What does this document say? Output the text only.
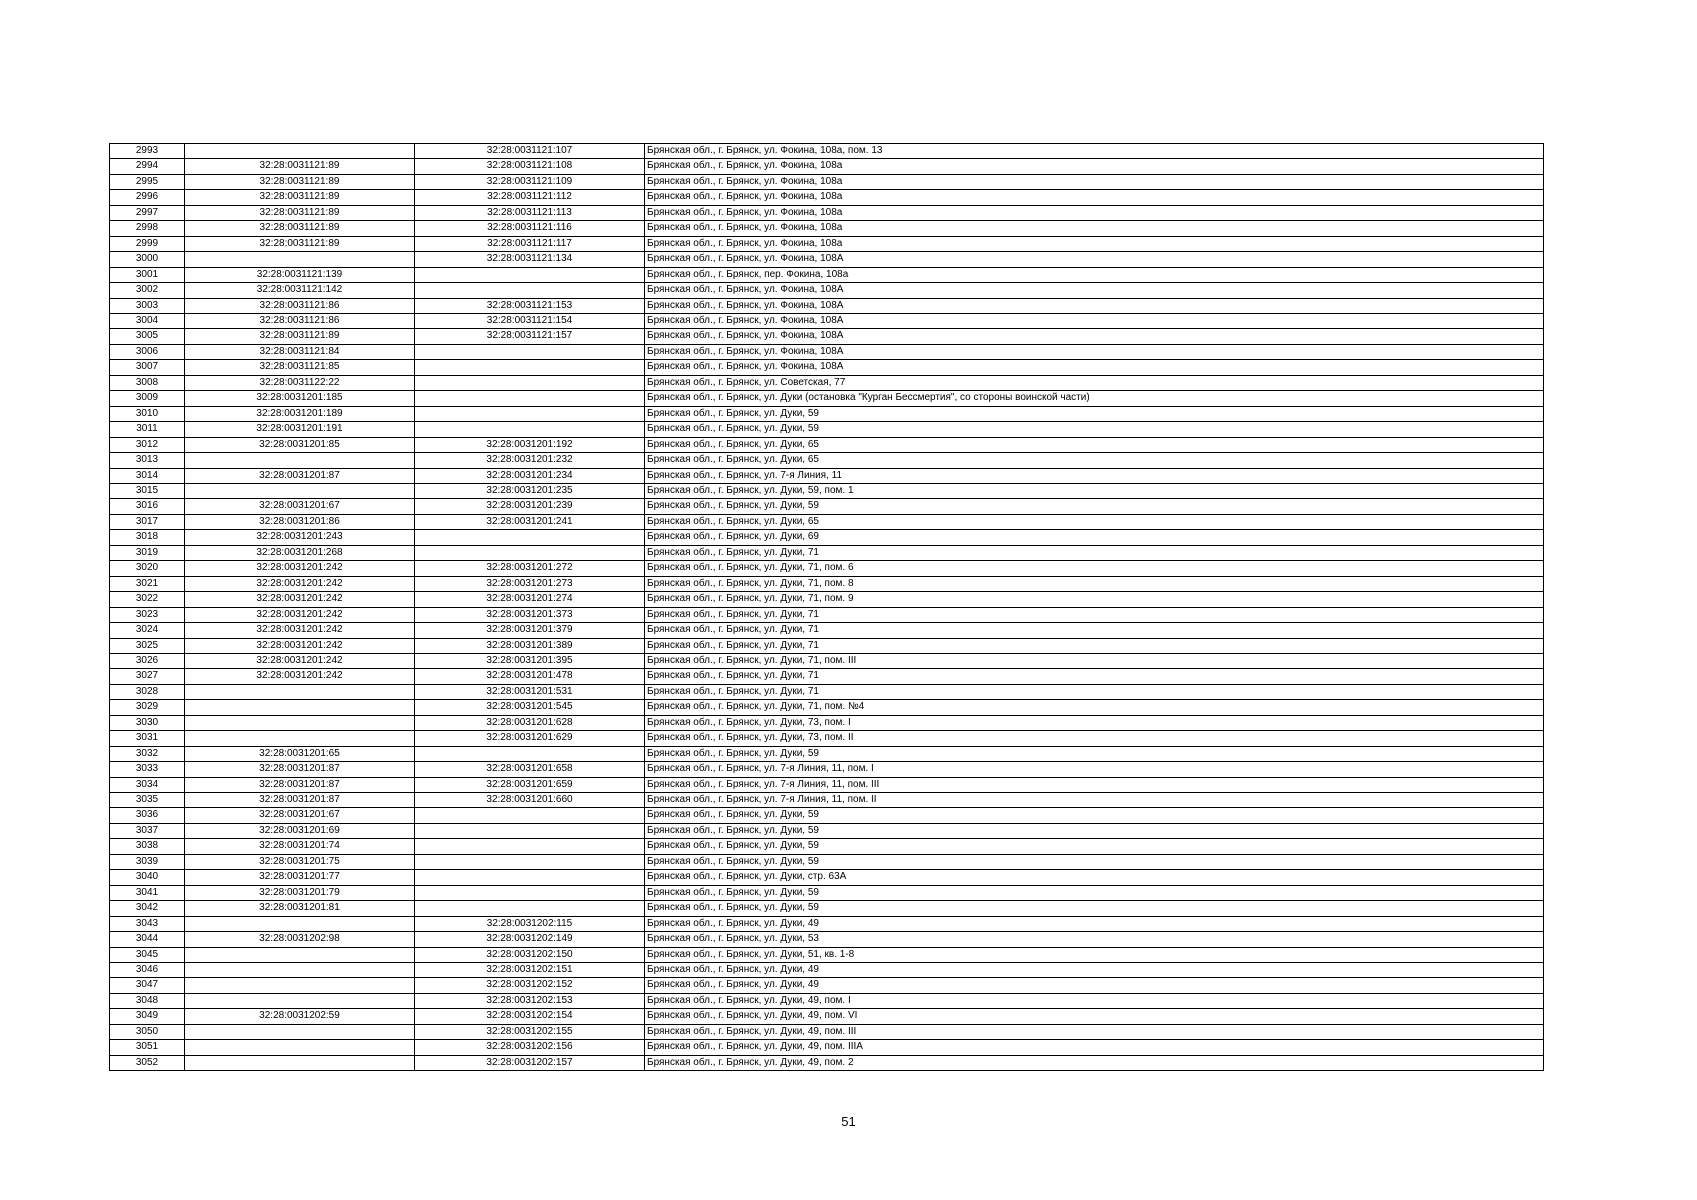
2993		32:28:0031121:107	Брянская обл., г. Брянск, ул. Фокина, 108а, пом. 13
2994	32:28:0031121:89	32:28:0031121:108	Брянская обл., г. Брянск, ул. Фокина, 108а
2995	32:28:0031121:89	32:28:0031121:109	Брянская обл., г. Брянск, ул. Фокина, 108а
2996	32:28:0031121:89	32:28:0031121:112	Брянская обл., г. Брянск, ул. Фокина, 108а
2997	32:28:0031121:89	32:28:0031121:113	Брянская обл., г. Брянск, ул. Фокина, 108а
2998	32:28:0031121:89	32:28:0031121:116	Брянская обл., г. Брянск, ул. Фокина, 108а
2999	32:28:0031121:89	32:28:0031121:117	Брянская обл., г. Брянск, ул. Фокина, 108а
3000		32:28:0031121:134	Брянская обл., г. Брянск, ул. Фокина, 108А
3001	32:28:0031121:139		Брянская обл., г. Брянск, пер. Фокина, 108а
3002	32:28:0031121:142		Брянская обл., г. Брянск, ул. Фокина, 108А
3003	32:28:0031121:86	32:28:0031121:153	Брянская обл., г. Брянск, ул. Фокина, 108А
3004	32:28:0031121:86	32:28:0031121:154	Брянская обл., г. Брянск, ул. Фокина, 108А
3005	32:28:0031121:89	32:28:0031121:157	Брянская обл., г. Брянск, ул. Фокина, 108А
3006	32:28:0031121:84		Брянская обл., г. Брянск, ул. Фокина, 108А
3007	32:28:0031121:85		Брянская обл., г. Брянск, ул. Фокина, 108А
3008	32:28:0031122:22		Брянская обл., г. Брянск, ул. Советская, 77
3009	32:28:0031201:185		Брянская обл., г. Брянск, ул. Дуки (остановка "Курган Бессмертия", со стороны воинской части)
3010	32:28:0031201:189		Брянская обл., г. Брянск, ул. Дуки, 59
3011	32:28:0031201:191		Брянская обл., г. Брянск, ул. Дуки, 59
3012	32:28:0031201:85	32:28:0031201:192	Брянская обл., г. Брянск, ул. Дуки, 65
3013		32:28:0031201:232	Брянская обл., г. Брянск, ул. Дуки, 65
3014	32:28:0031201:87	32:28:0031201:234	Брянская обл., г. Брянск, ул. 7-я Линия, 11
3015		32:28:0031201:235	Брянская обл., г. Брянск, ул. Дуки, 59, пом. 1
3016	32:28:0031201:67	32:28:0031201:239	Брянская обл., г. Брянск, ул. Дуки, 59
3017	32:28:0031201:86	32:28:0031201:241	Брянская обл., г. Брянск, ул. Дуки, 65
3018	32:28:0031201:243		Брянская обл., г. Брянск, ул. Дуки, 69
3019	32:28:0031201:268		Брянская обл., г. Брянск, ул. Дуки, 71
3020	32:28:0031201:242	32:28:0031201:272	Брянская обл., г. Брянск, ул. Дуки, 71, пом. 6
3021	32:28:0031201:242	32:28:0031201:273	Брянская обл., г. Брянск, ул. Дуки, 71, пом. 8
3022	32:28:0031201:242	32:28:0031201:274	Брянская обл., г. Брянск, ул. Дуки, 71, пом. 9
3023	32:28:0031201:242	32:28:0031201:373	Брянская обл., г. Брянск, ул. Дуки, 71
3024	32:28:0031201:242	32:28:0031201:379	Брянская обл., г. Брянск, ул. Дуки, 71
3025	32:28:0031201:242	32:28:0031201:389	Брянская обл., г. Брянск, ул. Дуки, 71
3026	32:28:0031201:242	32:28:0031201:395	Брянская обл., г. Брянск, ул. Дуки, 71, пом. III
3027	32:28:0031201:242	32:28:0031201:478	Брянская обл., г. Брянск, ул. Дуки, 71
3028		32:28:0031201:531	Брянская обл., г. Брянск, ул. Дуки, 71
3029		32:28:0031201:545	Брянская обл., г. Брянск, ул. Дуки, 71, пом. №4
3030		32:28:0031201:628	Брянская обл., г. Брянск, ул. Дуки, 73, пом. I
3031		32:28:0031201:629	Брянская обл., г. Брянск, ул. Дуки, 73, пом. II
3032	32:28:0031201:65		Брянская обл., г. Брянск, ул. Дуки, 59
3033	32:28:0031201:87	32:28:0031201:658	Брянская обл., г. Брянск, ул. 7-я Линия, 11, пом. I
3034	32:28:0031201:87	32:28:0031201:659	Брянская обл., г. Брянск, ул. 7-я Линия, 11, пом. III
3035	32:28:0031201:87	32:28:0031201:660	Брянская обл., г. Брянск, ул. 7-я Линия, 11, пом. II
3036	32:28:0031201:67		Брянская обл., г. Брянск, ул. Дуки, 59
3037	32:28:0031201:69		Брянская обл., г. Брянск, ул. Дуки, 59
3038	32:28:0031201:74		Брянская обл., г. Брянск, ул. Дуки, 59
3039	32:28:0031201:75		Брянская обл., г. Брянск, ул. Дуки, 59
3040	32:28:0031201:77		Брянская обл., г. Брянск, ул. Дуки, стр. 63А
3041	32:28:0031201:79		Брянская обл., г. Брянск, ул. Дуки, 59
3042	32:28:0031201:81		Брянская обл., г. Брянск, ул. Дуки, 59
3043		32:28:0031202:115	Брянская обл., г. Брянск, ул. Дуки, 49
3044	32:28:0031202:98	32:28:0031202:149	Брянская обл., г. Брянск, ул. Дуки, 53
3045		32:28:0031202:150	Брянская обл., г. Брянск, ул. Дуки, 51, кв. 1-8
3046		32:28:0031202:151	Брянская обл., г. Брянск, ул. Дуки, 49
3047		32:28:0031202:152	Брянская обл., г. Брянск, ул. Дуки, 49
3048		32:28:0031202:153	Брянская обл., г. Брянск, ул. Дуки, 49, пом. I
3049	32:28:0031202:59	32:28:0031202:154	Брянская обл., г. Брянск, ул. Дуки, 49, пом. VI
3050		32:28:0031202:155	Брянская обл., г. Брянск, ул. Дуки, 49, пом. III
3051		32:28:0031202:156	Брянская обл., г. Брянск, ул. Дуки, 49, пом. IIIА
3052		32:28:0031202:157	Брянская обл., г. Брянск, ул. Дуки, 49, пом. 2
51
